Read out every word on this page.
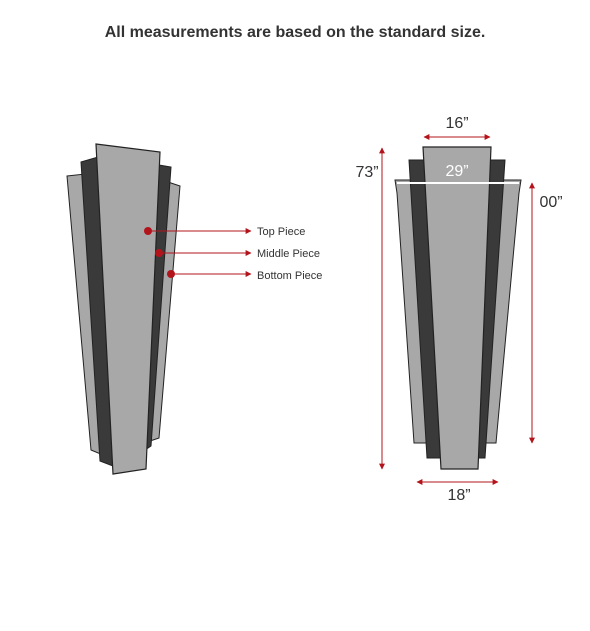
All measurements are based on the standard size.
Top Piece
Middle Piece
Bottom Piece
16”
29”
18”
73”
00”
